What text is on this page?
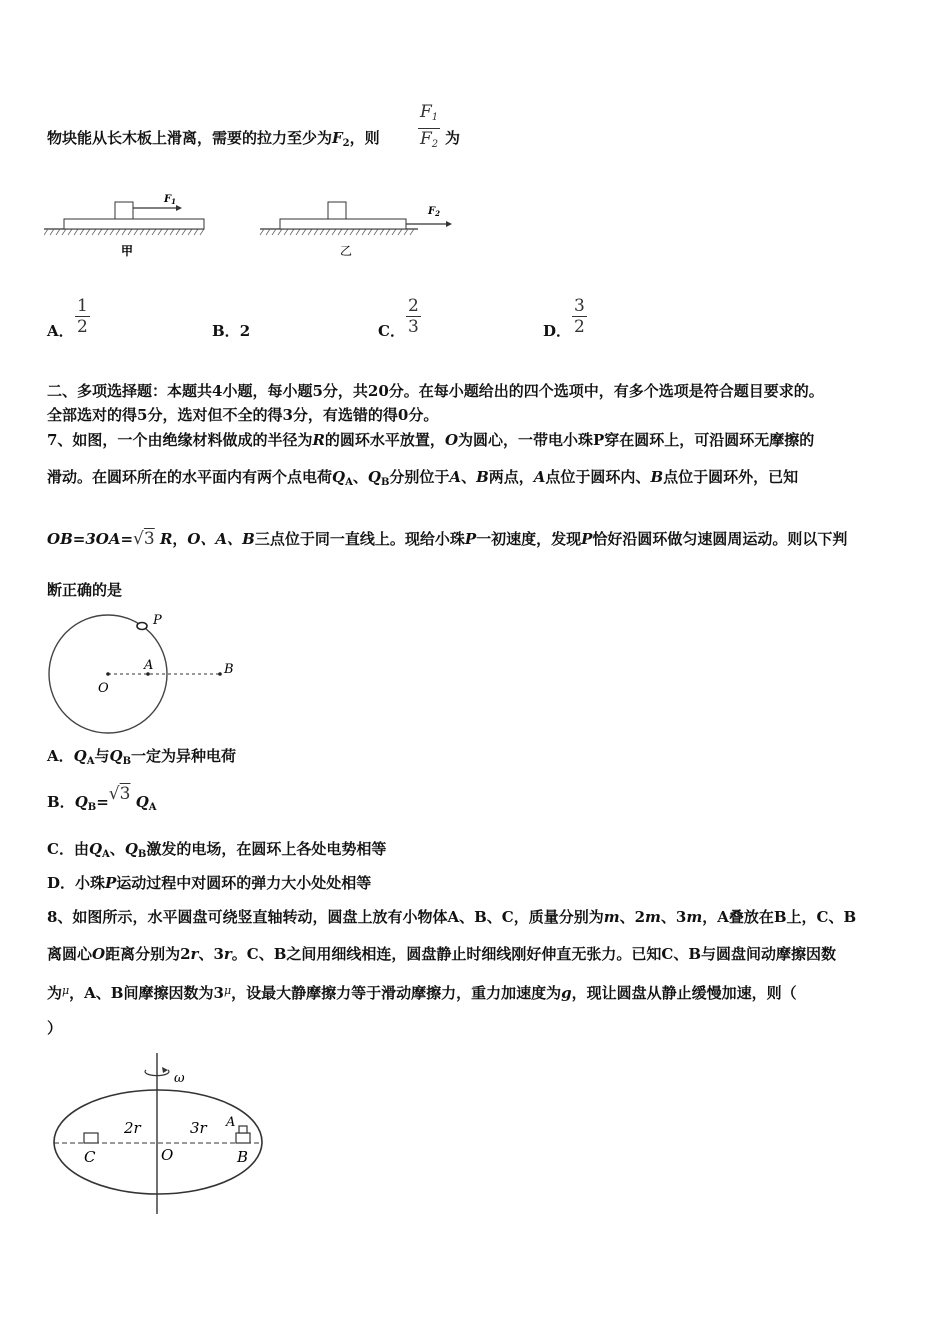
物块能从长木板上滑离，需要的拉力至少为$F_2$，则 $\frac{F_1}{F_2}$ 为
$F_1$
甲
$F_2$
乙
A． $\frac{1}{2}$	B．2	C． $\frac{2}{3}$	D． $\frac{3}{2}$
二、多项选择题：本题共4小题，每小题5分，共20分。在每小题给出的四个选项中，有多个选项是符合题目要求的。
全部选对的得5分，选对但不全的得3分，有选错的得0分。
7、如图，一个由绝缘材料做成的半径为R的圆环水平放置，O为圆心，一带电小珠P穿在圆环上，可沿圆环无摩擦的
滑动。在圆环所在的水平面内有两个点电荷$Q_A$、$Q_B$分别位于A、B两点，A点位于圆环内、B点位于圆环外，已知
OB=3OA=√3 R，O、A、B三点位于同一直线上。现给小珠P一初速度，发现P恰好沿圆环做匀速圆周运动。则以下判
断正确的是
P
O
A	B
A．$Q_A$与$Q_B$一定为异种电荷
B．$Q_B=√3$ $Q_A$
C．由$Q_A$、$Q_B$激发的电场，在圆环上各处电势相等
D．小珠P运动过程中对圆环的弹力大小处处相等
8、如图所示，水平圆盘可绕竖直轴转动，圆盘上放有小物体A、B、C，质量分别为m、2m、3m，A叠放在B上，C、B
离圆心O距离分别为2r、3r。C、B之间用细线相连，圆盘静止时细线刚好伸直无张力。已知C、B与圆盘间动摩擦因数
为$^\mu$，A、B间摩擦因数为$3^\mu$，设最大静摩擦力等于滑动摩擦力，重力加速度为g，现让圆盘从静止缓慢加速，则（
）
ω
2r	3r A
C	O	B
